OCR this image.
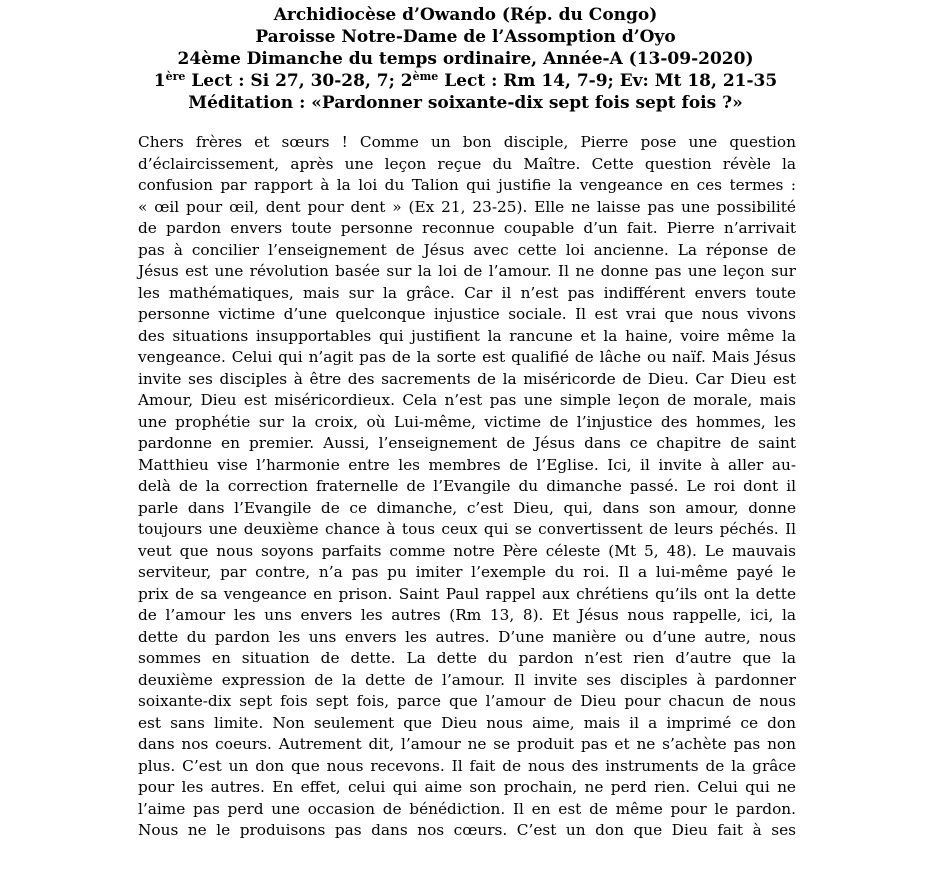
Archidiocèse d’Owando (Rép. du Congo)
Paroisse Notre-Dame de l’Assomption d’Oyo
24ème Dimanche du temps ordinaire, Année-A (13-09-2020)
1ère Lect : Si 27, 30-28, 7; 2ème Lect : Rm 14, 7-9; Ev: Mt 18, 21-35
Méditation : «Pardonner soixante-dix sept fois sept fois ?»
Chers frères et sœurs ! Comme un bon disciple, Pierre pose une question
d’éclaircissement, après une leçon reçue du Maître. Cette question révèle la
confusion par rapport à la loi du Talion qui justifie la vengeance en ces termes :
« œil pour œil, dent pour dent » (Ex 21, 23-25). Elle ne laisse pas une possibilité
de pardon envers toute personne reconnue coupable d’un fait. Pierre n’arrivait
pas à concilier l’enseignement de Jésus avec cette loi ancienne. La réponse de
Jésus est une révolution basée sur la loi de l’amour. Il ne donne pas une leçon sur
les mathématiques, mais sur la grâce. Car il n’est pas indifférent envers toute
personne victime d’une quelconque injustice sociale. Il est vrai que nous vivons
des situations insupportables qui justifient la rancune et la haine, voire même la
vengeance. Celui qui n’agit pas de la sorte est qualifié de lâche ou naïf. Mais Jésus
invite ses disciples à être des sacrements de la miséricorde de Dieu. Car Dieu est
Amour, Dieu est miséricordieux. Cela n’est pas une simple leçon de morale, mais
une prophétie sur la croix, où Lui-même, victime de l’injustice des hommes, les
pardonne en premier. Aussi, l’enseignement de Jésus dans ce chapitre de saint
Matthieu vise l’harmonie entre les membres de l’Eglise. Ici, il invite à aller au-
delà de la correction fraternelle de l’Evangile du dimanche passé. Le roi dont il
parle dans l’Evangile de ce dimanche, c’est Dieu, qui, dans son amour, donne
toujours une deuxième chance à tous ceux qui se convertissent de leurs péchés. Il
veut que nous soyons parfaits comme notre Père céleste (Mt 5, 48). Le mauvais
serviteur, par contre, n’a pas pu imiter l’exemple du roi. Il a lui-même payé le
prix de sa vengeance en prison. Saint Paul rappel aux chrétiens qu’ils ont la dette
de l’amour les uns envers les autres (Rm 13, 8). Et Jésus nous rappelle, ici, la
dette du pardon les uns envers les autres. D’une manière ou d’une autre, nous
sommes en situation de dette. La dette du pardon n’est rien d’autre que la
deuxième expression de la dette de l’amour. Il invite ses disciples à pardonner
soixante-dix sept fois sept fois, parce que l’amour de Dieu pour chacun de nous
est sans limite. Non seulement que Dieu nous aime, mais il a imprimé ce don
dans nos coeurs. Autrement dit, l’amour ne se produit pas et ne s’achète pas non
plus. C’est un don que nous recevons. Il fait de nous des instruments de la grâce
pour les autres. En effet, celui qui aime son prochain, ne perd rien. Celui qui ne
l’aime pas perd une occasion de bénédiction. Il en est de même pour le pardon.
Nous ne le produisons pas dans nos cœurs. C’est un don que Dieu fait à ses
